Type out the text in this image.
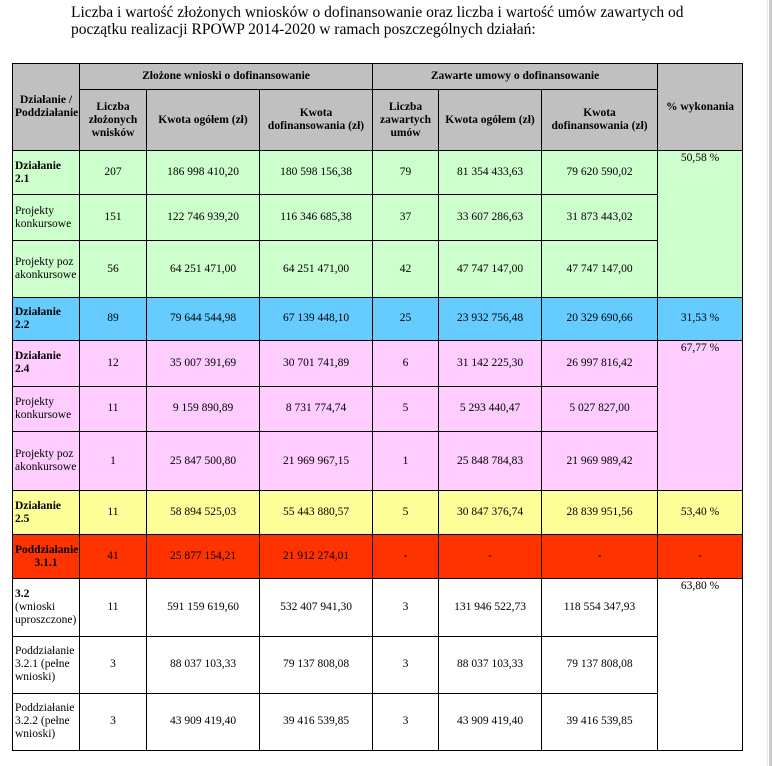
Liczba i wartość złożonych wniosków o dofinansowanie oraz liczba i wartość umów zawartych od
początku realizacji RPOWP 2014-2020 w ramach poszczególnych działań:
Działanie / Poddziałanie	Złożone wnioski o dofinansowanie			Zawarte umowy o dofinansowanie			% wykonania
	Liczba złożonych wnisków	Kwota ogółem (zł)	Kwota dofinansowania (zł)	Liczba zawartych umów	Kwota ogółem (zł)	Kwota dofinansowania (zł)	
Działanie 2.1	207	186 998 410,20	180 598 156,38	79	81 354 433,63	79 620 590,02	50,58 %
Projekty konkursowe	151	122 746 939,20	116 346 685,38	37	33 607 286,63	31 873 443,02	
Projekty pozakonkursowe	56	64 251 471,00	64 251 471,00	42	47 747 147,00	47 747 147,00	
Działanie 2.2	89	79 644 544,98	67 139 448,10	25	23 932 756,48	20 329 690,66	31,53 %
Działanie 2.4	12	35 007 391,69	30 701 741,89	6	31 142 225,30	26 997 816,42	67,77 %
Projekty konkursowe	11	9 159 890,89	8 731 774,74	5	5 293 440,47	5 027 827,00	
Projekty pozakonkursowe	1	25 847 500,80	21 969 967,15	1	25 848 784,83	21 969 989,42	
Działanie 2.5	11	58 894 525,03	55 443 880,57	5	30 847 376,74	28 839 951,56	53,40 %
Poddziałanie 3.1.1	41	25 877 154,21	21 912 274,01	-	-	-	-
3.2
(wnioski uproszczone)	11	591 159 619,60	532 407 941,30	3	131 946 522,73	118 554 347,93	63,80 %
Poddziałanie 3.2.1 (pełne wnioski)	3	88 037 103,33	79 137 808,08	3	88 037 103,33	79 137 808,08	
Poddziałanie 3.2.2 (pełne wnioski)	3	43 909 419,40	39 416 539,85	3	43 909 419,40	39 416 539,85	
